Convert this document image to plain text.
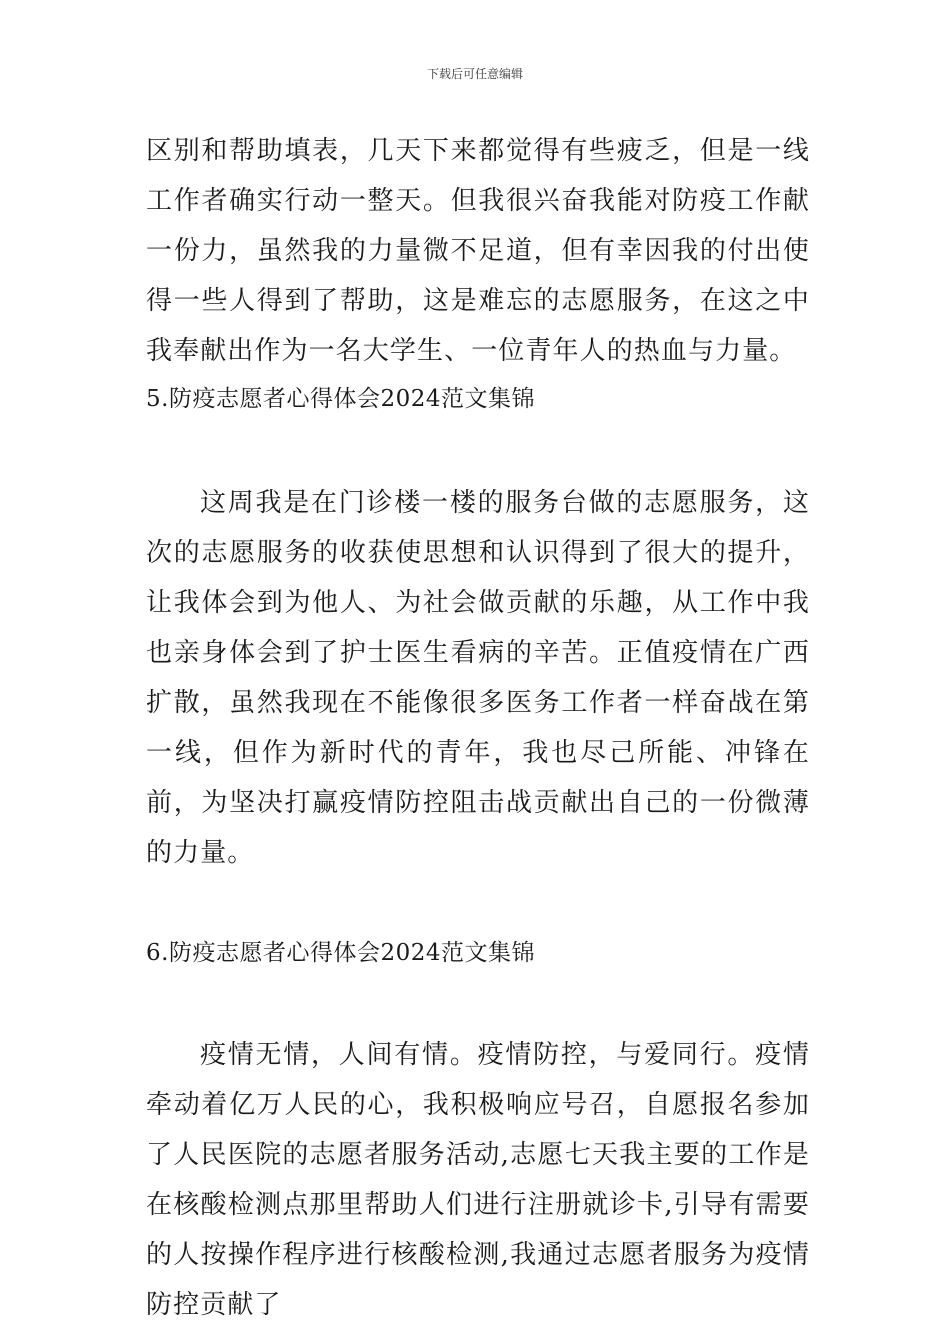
下载后可任意编辑

区别和帮助填表，几天下来都觉得有些疲乏，但是一线工作者确实行动一整天。但我很兴奋我能对防疫工作献一份力，虽然我的力量微不足道，但有幸因我的付出使得一些人得到了帮助，这是难忘的志愿服务，在这之中我奉献出作为一名大学生、一位青年人的热血与力量。

5.防疫志愿者心得体会2024范文集锦

这周我是在门诊楼一楼的服务台做的志愿服务，这次的志愿服务的收获使思想和认识得到了很大的提升，让我体会到为他人、为社会做贡献的乐趣，从工作中我也亲身体会到了护士医生看病的辛苦。正值疫情在广西扩散，虽然我现在不能像很多医务工作者一样奋战在第一线，但作为新时代的青年，我也尽己所能、冲锋在前，为坚决打赢疫情防控阻击战贡献出自己的一份微薄的力量。

6.防疫志愿者心得体会2024范文集锦

疫情无情，人间有情。疫情防控，与爱同行。疫情牵动着亿万人民的心，我积极响应号召，自愿报名参加了人民医院的志愿者服务活动,志愿七天我主要的工作是在核酸检测点那里帮助人们进行注册就诊卡,引导有需要的人按操作程序进行核酸检测,我通过志愿者服务为疫情防控贡献了
